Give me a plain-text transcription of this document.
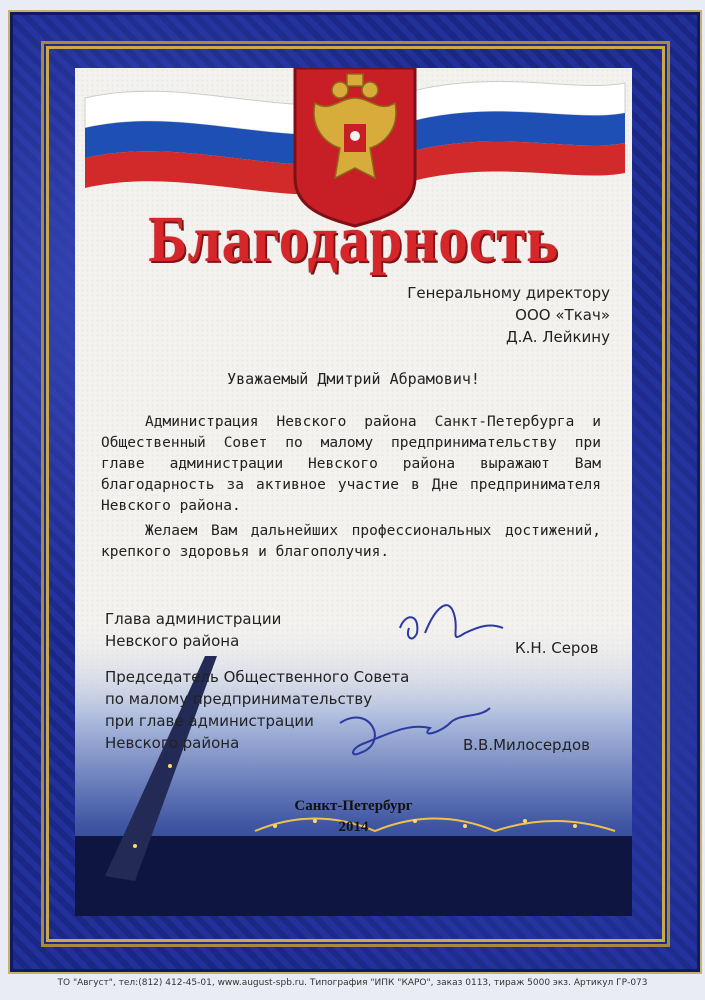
Благодарность
Генеральному директору
ООО «Ткач»
Д.А. Лейкину
Уважаемый Дмитрий Абрамович!

Администрация Невского района Санкт-Петербурга и Общественный Совет по малому предпринимательству при главе администрации Невского района выражают Вам благодарность за активное участие в Дне предпринимателя Невского района.

Желаем Вам дальнейших профессиональных достижений, крепкого здоровья и благополучия.

Глава администрации
Невского района	К.Н. Серов
Председатель Общественного Совета
по малому предпринимательству
при главе администрации
Невского района	В.В.Милосердов
Санкт-Петербург
2014
ТО "Август", тел:(812) 412-45-01, www.august-spb.ru. Типография "ИПК "КАРО", заказ 0113, тираж 5000 экз. Артикул ГР-073
